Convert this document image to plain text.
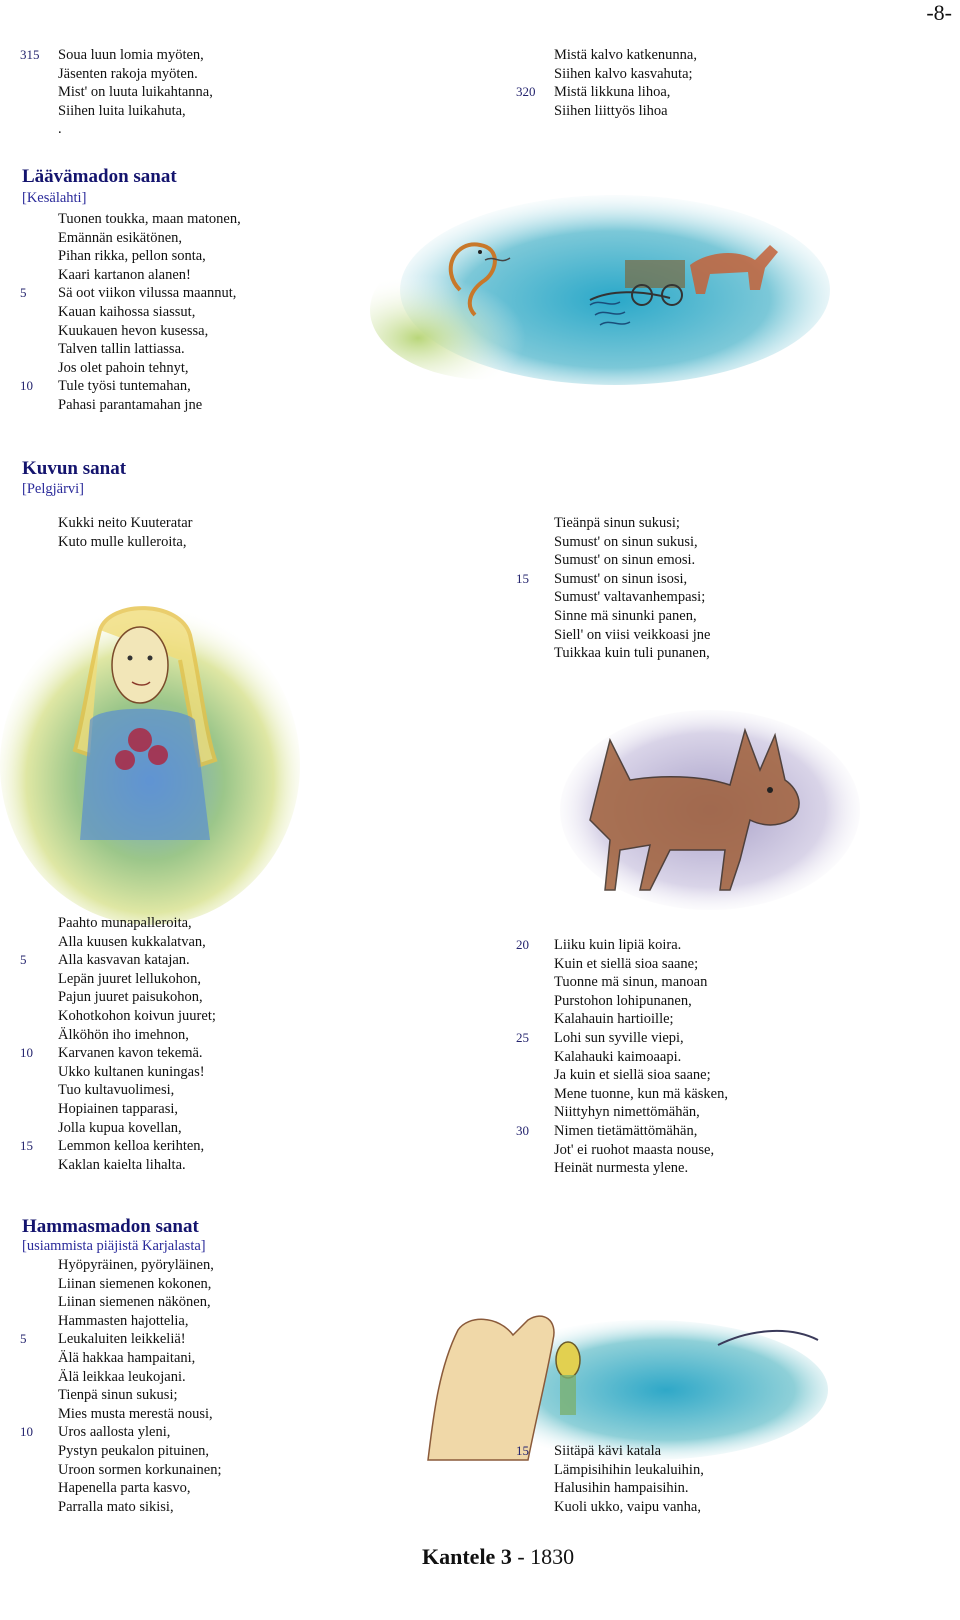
-8-
315	Soua luun lomia myöten,
Jäsenten rakoja myöten.
Mist' on luuta luikahtanna,
Siihen luita luikahuta,
.
Mistä kalvo katkenunna,
Siihen kalvo kasvahuta;
320	Mistä likkuna lihoa,
Siihen liittyös lihoa
Läävämadon sanat
[Kesälahti]
Tuonen toukka, maan matonen,
Emännän esikätönen,
Pihan rikka, pellon sonta,
Kaari kartanon alanen!
5	Sä oot viikon vilussa maannut,
Kauan kaihossa siassut,
Kuukauen hevon kusessa,
Talven tallin lattiassa.
Jos olet pahoin tehnyt,
10	Tule työsi tuntemahan,
Pahasi parantamahan jne
Kuvun sanat
[Pelgjärvi]
Kukki neito Kuuteratar
Kuto mulle kulleroita,
Tieänpä sinun sukusi;
Sumust' on sinun sukusi,
Sumust' on sinun emosi.
15	Sumust' on sinun isosi,
Sumust' valtavanhempasi;
Sinne mä sinunki panen,
Siell' on viisi veikkoasi jne
Tuikkaa kuin tuli punanen,
Paahto munapalleroita,
Alla kuusen kukkalatvan,
5	Alla kasvavan katajan.
Lepän juuret lellukohon,
Pajun juuret paisukohon,
Kohotkohon koivun juuret;
Älköhön iho imehnon,
10	Karvanen kavon tekemä.
Ukko kultanen kuningas!
Tuo kultavuolimesi,
Hopiainen tapparasi,
Jolla kupua kovellan,
15	Lemmon kelloa kerihten,
Kaklan kaielta lihalta.
20	Liiku kuin lipiä koira.
Kuin et siellä sioa saane;
Tuonne mä sinun, manoan
Purstohon lohipunanen,
Kalahauin hartioille;
25	Lohi sun syville viepi,
Kalahauki kaimoaapi.
Ja kuin et siellä sioa saane;
Mene tuonne, kun mä käsken,
Niittyhyn nimettömähän,
30	Nimen tietämättömähän,
Jot' ei ruohot maasta nouse,
Heinät nurmesta ylene.
Hammasmadon sanat
[usiammista piäjistä Karjalasta]
Hyöpyräinen, pyöryläinen,
Liinan siemenen kokonen,
Liinan siemenen näkönen,
Hammasten hajottelia,
5	Leukaluiten leikkeliä!
Älä hakkaa hampaitani,
Älä leikkaa leukojani.
Tienpä sinun sukusi;
Mies musta merestä nousi,
10	Uros aallosta yleni,
Pystyn peukalon pituinen,
Uroon sormen korkunainen;
Hapenella parta kasvo,
Parralla mato sikisi,
15	Siitäpä kävi katala
Lämpisihihin leukaluihin,
Halusihin hampaisihin.
Kuoli ukko, vaipu vanha,
Kantele 3 - 1830
